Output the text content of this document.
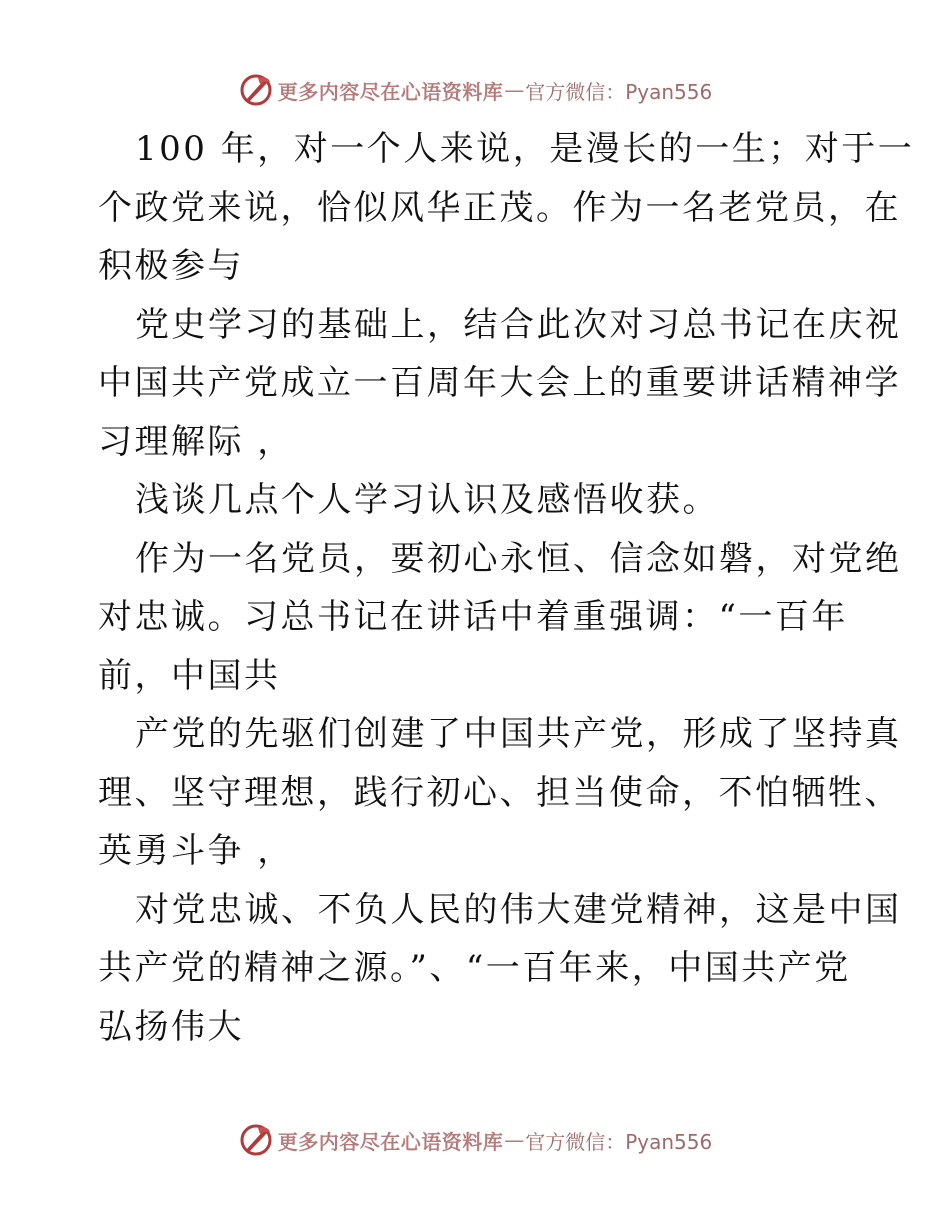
更多内容尽在心语资料库 — 官方微信：Pyan556
100 年，对一个人来说，是漫长的一生；对于一
个政党来说，恰似风华正茂。作为一名老党员，在
积极参与
党史学习的基础上，结合此次对习总书记在庆祝
中国共产党成立一百周年大会上的重要讲话精神学
习理解际 ，
浅谈几点个人学习认识及感悟收获。
作为一名党员，要初心永恒、信念如磐，对党绝
对忠诚。习总书记在讲话中着重强调：“一百年
前，中国共
产党的先驱们创建了中国共产党，形成了坚持真
理、坚守理想，践行初心、担当使命，不怕牺牲、
英勇斗争 ，
对党忠诚、不负人民的伟大建党精神，这是中国
共产党的精神之源。”、“一百年来，中国共产党
弘扬伟大
更多内容尽在心语资料库 — 官方微信：Pyan556
